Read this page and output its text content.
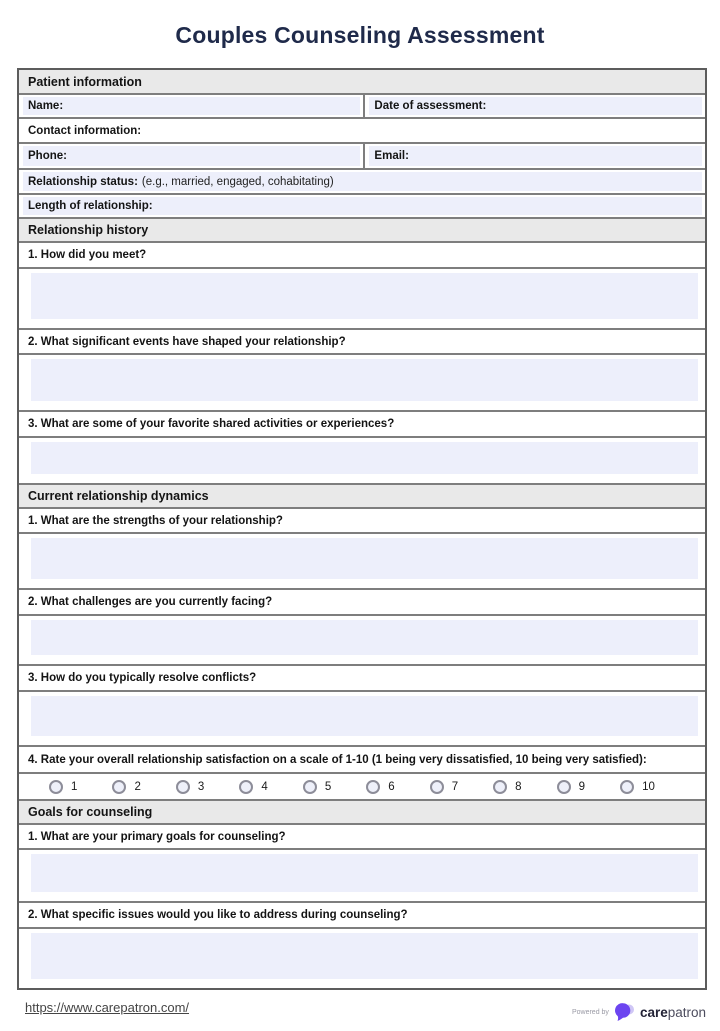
Couples Counseling Assessment
Patient information
Name:	Date of assessment:
Contact information:
Phone:	Email:
Relationship status: (e.g., married, engaged, cohabitating)
Length of relationship:
Relationship history
1. How did you meet?
2. What significant events have shaped your relationship?
3. What are some of your favorite shared activities or experiences?
Current relationship dynamics
1. What are the strengths of your relationship?
2. What challenges are you currently facing?
3. How do you typically resolve conflicts?
4. Rate your overall relationship satisfaction on a scale of 1-10 (1 being very dissatisfied, 10 being very satisfied):
1	2	3	4	5	6	7	8	9	10
Goals for counseling
1. What are your primary goals for counseling?
2. What specific issues would you like to address during counseling?
https://www.carepatron.com/	Powered by carepatron
